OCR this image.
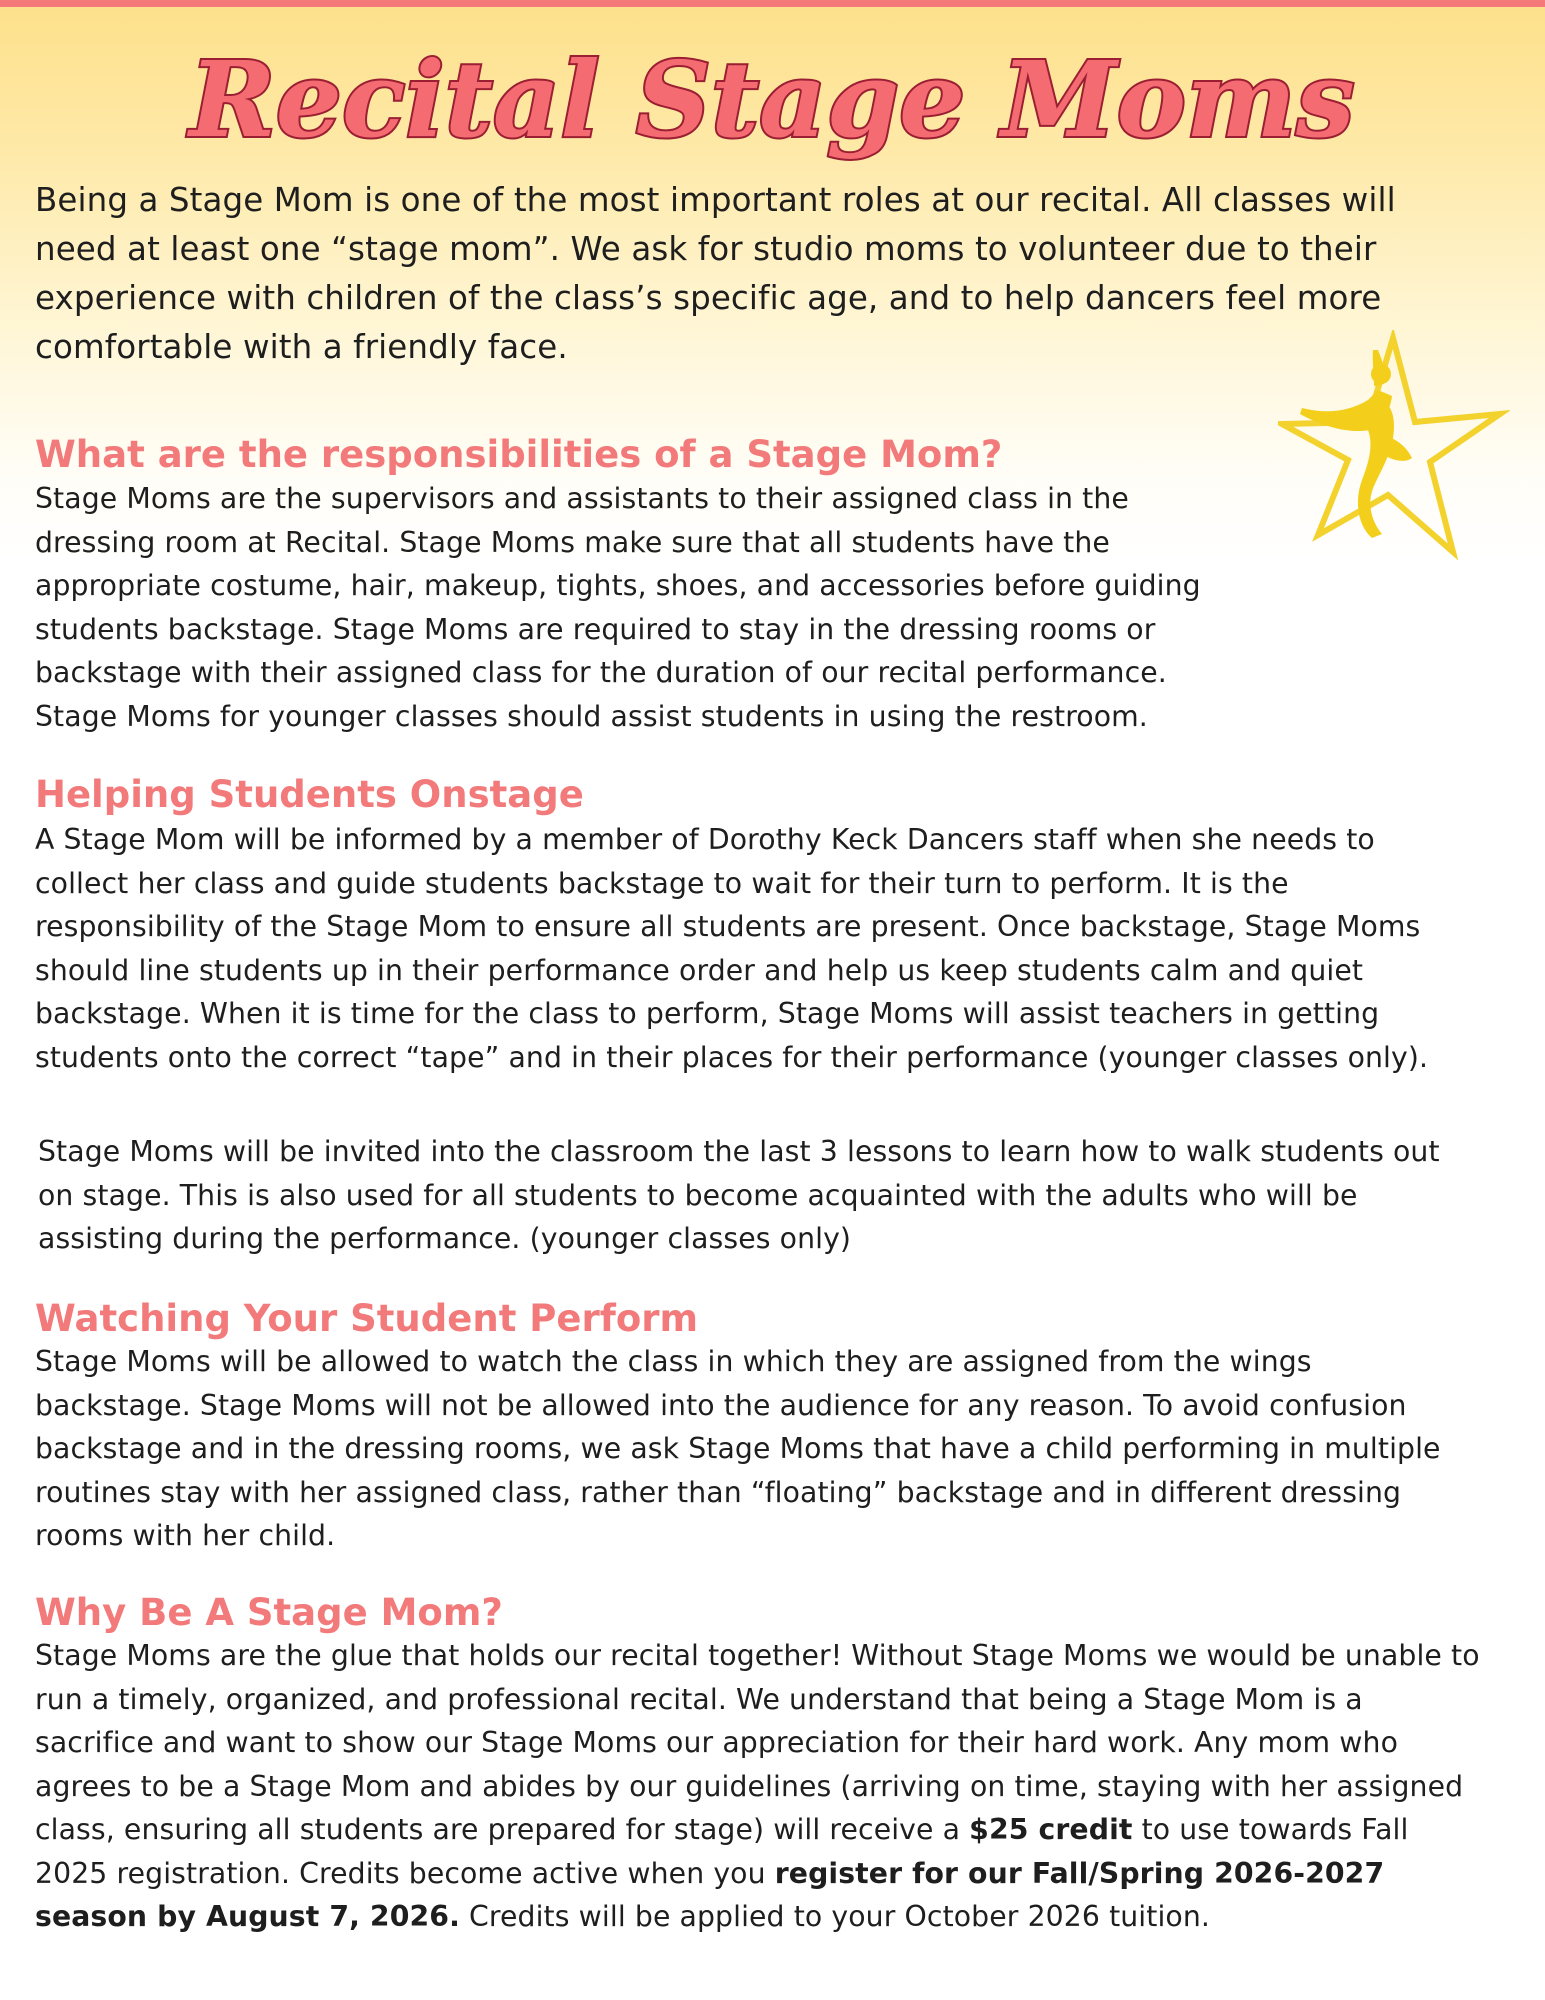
Recital Stage Moms

Being a Stage Mom is one of the most important roles at our recital. All classes will need at least one “stage mom”. We ask for studio moms to volunteer due to their experience with children of the class’s specific age, and to help dancers feel more comfortable with a friendly face.

What are the responsibilities of a Stage Mom?

Stage Moms are the supervisors and assistants to their assigned class in the dressing room at Recital. Stage Moms make sure that all students have the appropriate costume, hair, makeup, tights, shoes, and accessories before guiding students backstage. Stage Moms are required to stay in the dressing rooms or backstage with their assigned class for the duration of our recital performance. Stage Moms for younger classes should assist students in using the restroom.

Helping Students Onstage

A Stage Mom will be informed by a member of Dorothy Keck Dancers staff when she needs to collect her class and guide students backstage to wait for their turn to perform. It is the responsibility of the Stage Mom to ensure all students are present. Once backstage, Stage Moms should line students up in their performance order and help us keep students calm and quiet backstage. When it is time for the class to perform, Stage Moms will assist teachers in getting students onto the correct “tape” and in their places for their performance (younger classes only).

Stage Moms will be invited into the classroom the last 3 lessons to learn how to walk students out on stage. This is also used for all students to become acquainted with the adults who will be assisting during the performance. (younger classes only)

Watching Your Student Perform

Stage Moms will be allowed to watch the class in which they are assigned from the wings backstage. Stage Moms will not be allowed into the audience for any reason. To avoid confusion backstage and in the dressing rooms, we ask Stage Moms that have a child performing in multiple routines stay with her assigned class, rather than “floating” backstage and in different dressing rooms with her child.

Why Be A Stage Mom?

Stage Moms are the glue that holds our recital together! Without Stage Moms we would be unable to run a timely, organized, and professional recital. We understand that being a Stage Mom is a sacrifice and want to show our Stage Moms our appreciation for their hard work. Any mom who agrees to be a Stage Mom and abides by our guidelines (arriving on time, staying with her assigned class, ensuring all students are prepared for stage) will receive a $25 credit to use towards Fall 2025 registration. Credits become active when you register for our Fall/Spring 2026-2027 season by August 7, 2026. Credits will be applied to your October 2026 tuition.
